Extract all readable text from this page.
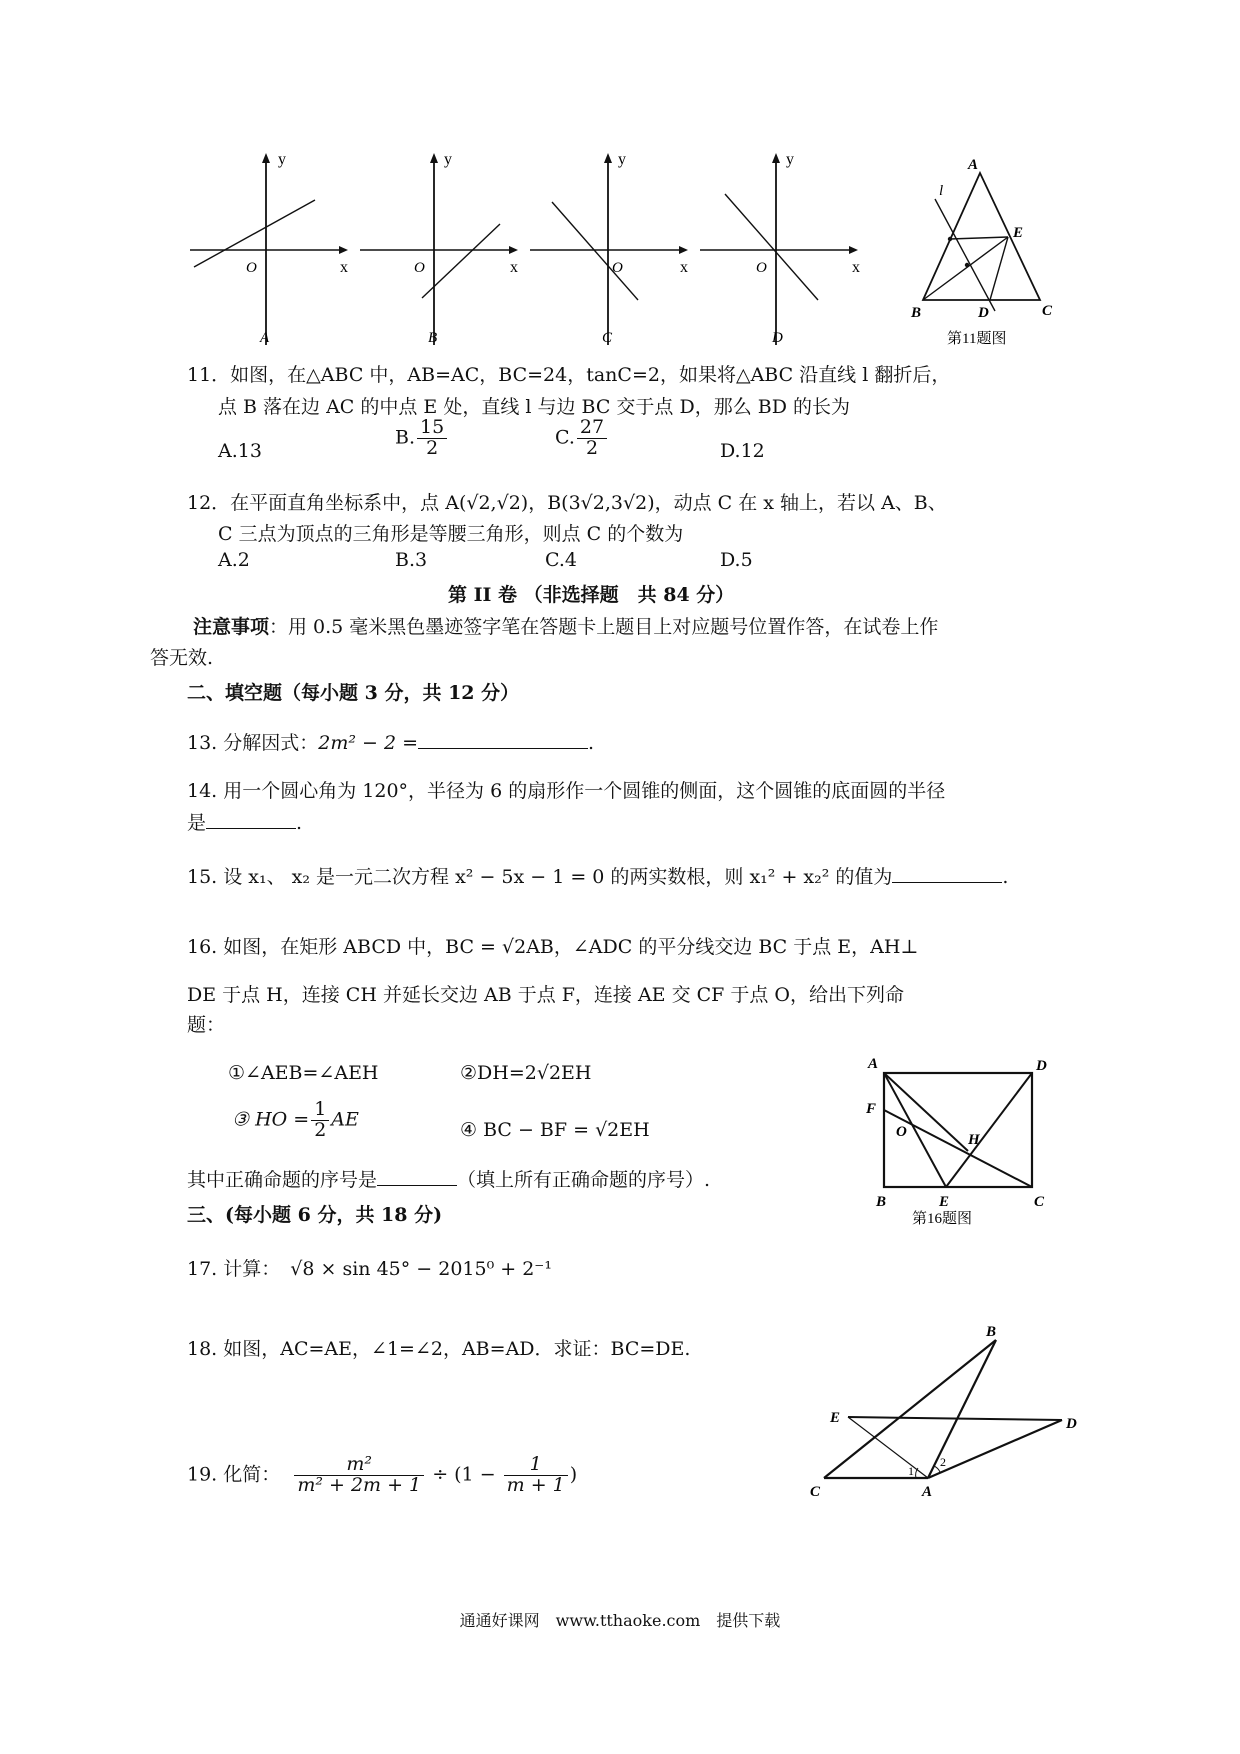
y
x
O
A
y
x
O
B
y
x
O
C
y
x
O
D
A
B	C
D
E
l
第11题图
11．如图，在△ABC 中，AB=AC，BC=24，tanC=2，如果将△ABC 沿直线 l 翻折后，
点 B 落在边 AC 的中点 E 处，直线 l 与边 BC 交于点 D，那么 BD 的长为
A.13
B. $\frac{15}{2}$	C. $\frac{27}{2}$	D.12
12．在平面直角坐标系中，点 A(√2,√2)，B(3√2,3√2)，动点 C 在 x 轴上，若以 A、B、
C 三点为顶点的三角形是等腰三角形，则点 C 的个数为
A.2	B.3	C.4	D.5
第 II 卷 （非选择题　共 84 分）
注意事项：用 0.5 毫米黑色墨迹签字笔在答题卡上题目上对应题号位置作答，在试卷上作
答无效.
二、填空题（每小题 3 分，共 12 分）
13. 分解因式：2m² − 2 =	.
14. 用一个圆心角为 120°，半径为 6 的扇形作一个圆锥的侧面，这个圆锥的底面圆的半径
是	.
15. 设 x₁、 x₂ 是一元二次方程 x² − 5x − 1 = 0 的两实数根，则 x₁² + x₂² 的值为	.
16. 如图，在矩形 ABCD 中，BC = √2AB，∠ADC 的平分线交边 BC 于点 E，AH⊥
DE 于点 H，连接 CH 并延长交边 AB 于点 F，连接 AE 交 CF 于点 O，给出下列命
题：
①∠AEB=∠AEH	②DH=2√2EH
③ HO = $\frac{1}{2}$ AE	④ BC − BF = √2EH
其中正确命题的序号是	（填上所有正确命题的序号）.
A	D
F
O	H
B	E	C
第16题图
三、(每小题 6 分，共 18 分)
17. 计算： √8 × sin 45° − 2015⁰ + 2⁻¹
18. 如图，AC=AE，∠1=∠2，AB=AD．求证：BC=DE.
19. 化简： $\frac{\text{m²}}{\text{m² + 2m + 1}} \div (1 - \frac{1}{m + 1}$ )
B
E	D
C	A
1
2
通通好课网　www.tthaoke.com　提供下载
